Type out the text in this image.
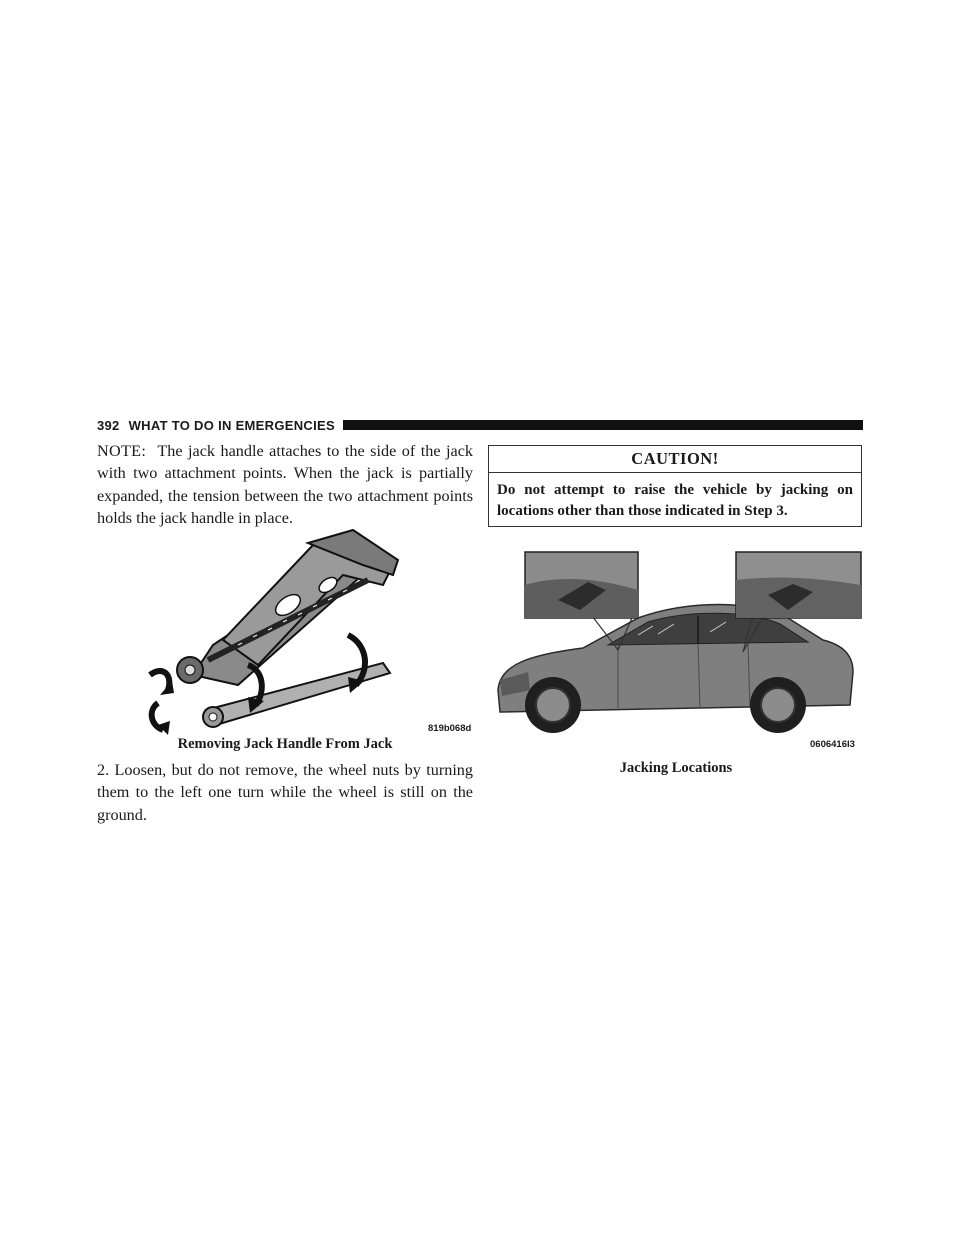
392 WHAT TO DO IN EMERGENCIES

NOTE: The jack handle attaches to the side of the jack with two attachment points. When the jack is partially expanded, the tension between the two attachment points holds the jack handle in place.

819b068d
Removing Jack Handle From Jack

2. Loosen, but do not remove, the wheel nuts by turning them to the left one turn while the wheel is still on the ground.

CAUTION!
Do not attempt to raise the vehicle by jacking on locations other than those indicated in Step 3.
0606416l3
Jacking Locations
